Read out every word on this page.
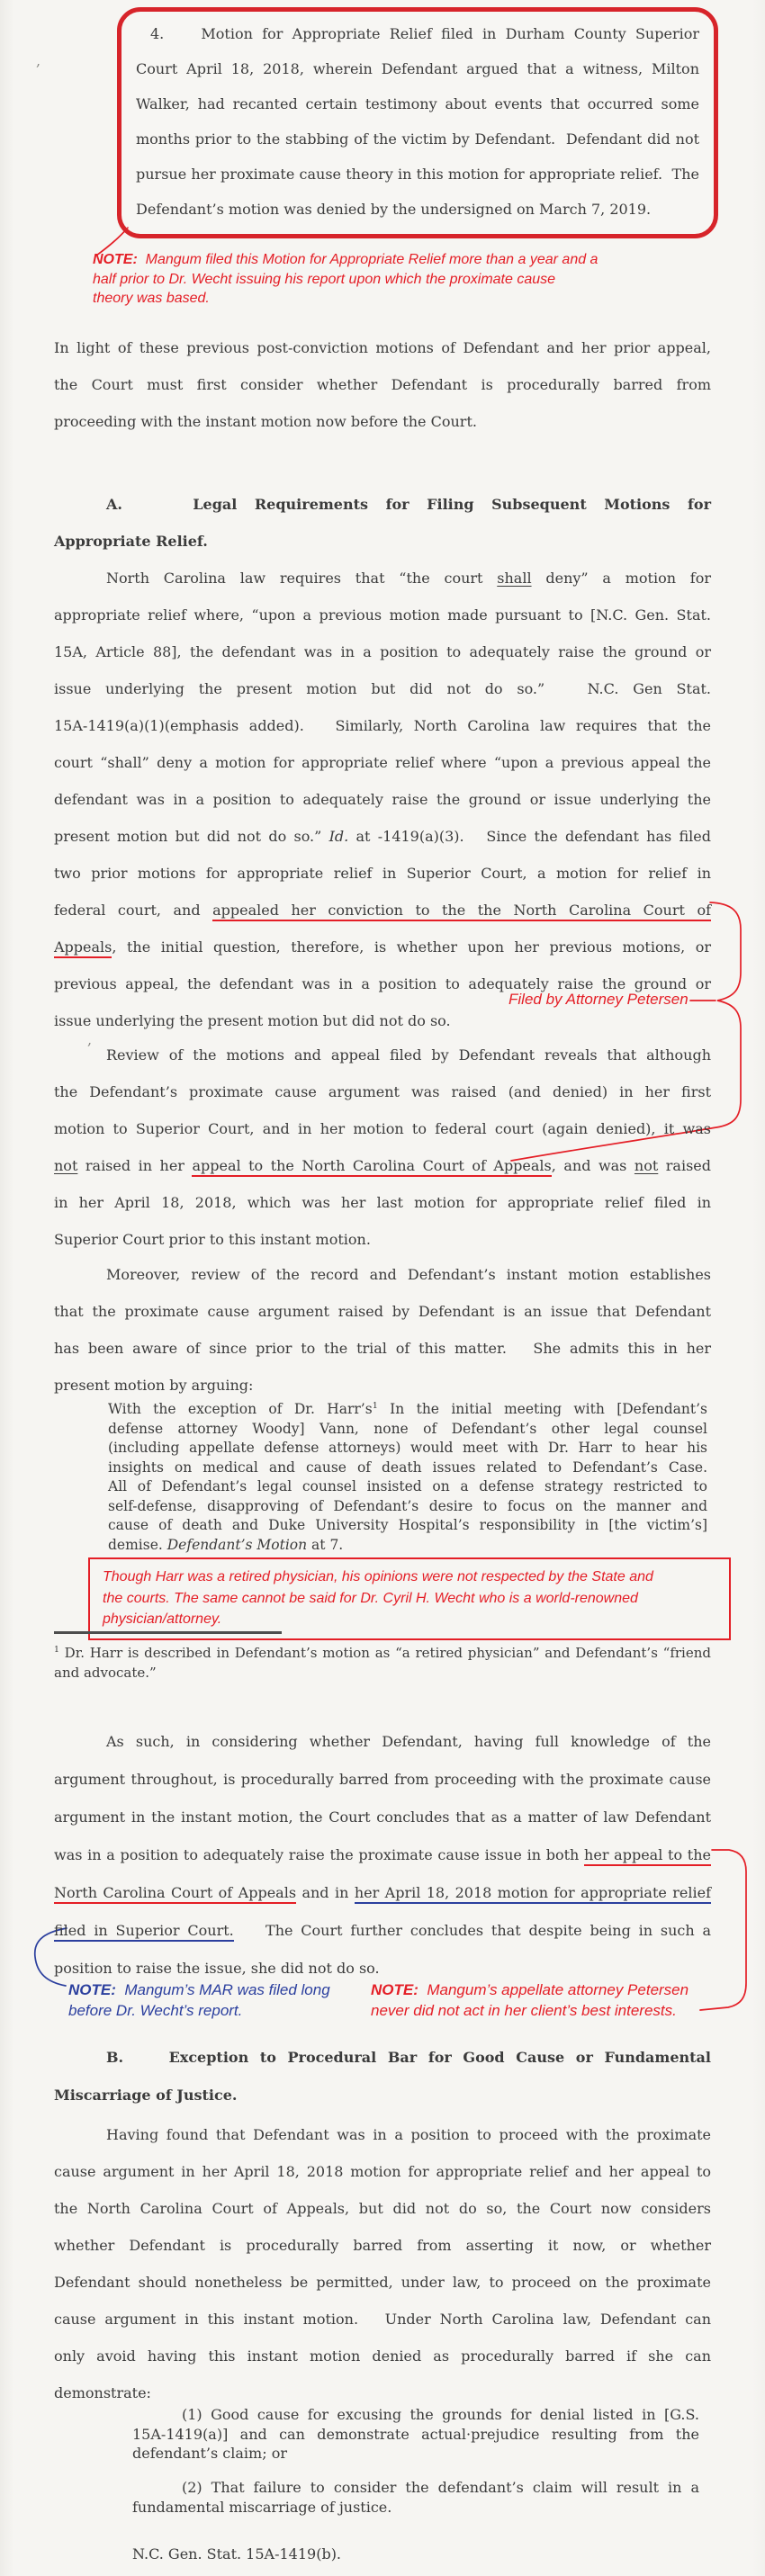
4.    Motion for Appropriate Relief filed in Durham County Superior
Court April 18, 2018, wherein Defendant argued that a witness, Milton
Walker, had recanted certain testimony about events that occurred some
months prior to the stabbing of the victim by Defendant.  Defendant did not
pursue her proximate cause theory in this motion for appropriate relief.  The
Defendant’s motion was denied by the undersigned on March 7, 2019.
,
NOTE:  Mangum filed this Motion for Appropriate Relief more than a year and a
half prior to Dr. Wecht issuing his report upon which the proximate cause
theory was based.
In light of these previous post-conviction motions of Defendant and her prior appeal,
the Court must first consider whether Defendant is procedurally barred from
proceeding with the instant motion now before the Court.
A.    Legal Requirements for Filing Subsequent Motions for
Appropriate Relief.
North Carolina law requires that “the court shall deny” a motion for
appropriate relief where, “upon a previous motion made pursuant to [N.C. Gen. Stat.
15A, Article 88], the defendant was in a position to adequately raise the ground or
issue underlying the present motion but did not do so.”   N.C. Gen Stat.
15A-1419(a)(1)(emphasis added).   Similarly, North Carolina law requires that the
court “shall” deny a motion for appropriate relief where “upon a previous appeal the
defendant was in a position to adequately raise the ground or issue underlying the
present motion but did not do so.” Id. at -1419(a)(3).   Since the defendant has filed
two prior motions for appropriate relief in Superior Court, a motion for relief in
federal court, and appealed her conviction to the the North Carolina Court of
Appeals, the initial question, therefore, is whether upon her previous motions, or
previous appeal, the defendant was in a position to adequately raise the ground or
issue underlying the present motion but did not do so.
Filed by Attorney Petersen
,
Review of the motions and appeal filed by Defendant reveals that although
the Defendant’s proximate cause argument was raised (and denied) in her first
motion to Superior Court, and in her motion to federal court (again denied), it was
not raised in her appeal to the North Carolina Court of Appeals, and was not raised
in her April 18, 2018, which was her last motion for appropriate relief filed in
Superior Court prior to this instant motion.
Moreover, review of the record and Defendant’s instant motion establishes
that the proximate cause argument raised by Defendant is an issue that Defendant
has been aware of since prior to the trial of this matter.   She admits this in her
present motion by arguing:
With the exception of Dr. $Harr’s^1$ In the initial meeting with [Defendant’s
defense attorney Woody] Vann, none of Defendant’s other legal counsel
(including appellate defense attorneys) would meet with Dr. Harr to hear his
insights on medical and cause of death issues related to Defendant’s Case.
All of Defendant’s legal counsel insisted on a defense strategy restricted to
self-defense, disapproving of Defendant’s desire to focus on the manner and
cause of death and Duke University Hospital’s responsibility in [the victim’s]
demise. Defendant’s Motion at 7.
Though Harr was a retired physician, his opinions were not respected by the State and
the courts. The same cannot be said for Dr. Cyril H. Wecht who is a world-renowned
physician/attorney.
$^1$ Dr. Harr is described in Defendant’s motion as “a retired physician” and Defendant’s “friend
and advocate.”
As such, in considering whether Defendant, having full knowledge of the
argument throughout, is procedurally barred from proceeding with the proximate cause
argument in the instant motion, the Court concludes that as a matter of law Defendant
was in a position to adequately raise the proximate cause issue in both her appeal to the
North Carolina Court of Appeals and in her April 18, 2018 motion for appropriate relief
filed in Superior Court.    The Court further concludes that despite being in such a
position to raise the issue, she did not do so.
NOTE:  Mangum’s MAR was filed long
before Dr. Wecht’s report.
NOTE:  Mangum’s appellate attorney Petersen
never did not act in her client’s best interests.
B.    Exception to Procedural Bar for Good Cause or Fundamental
Miscarriage of Justice.
Having found that Defendant was in a position to proceed with the proximate
cause argument in her April 18, 2018 motion for appropriate relief and her appeal to
the North Carolina Court of Appeals, but did not do so, the Court now considers
whether Defendant is procedurally barred from asserting it now, or whether
Defendant should nonetheless be permitted, under law, to proceed on the proximate
cause argument in this instant motion.   Under North Carolina law, Defendant can
only avoid having this instant motion denied as procedurally barred if she can
demonstrate:
(1) Good cause for excusing the grounds for denial listed in [G.S.
15A-1419(a)] and can demonstrate actual·prejudice resulting from the
defendant’s claim; or
(2) That failure to consider the defendant’s claim will result in a
fundamental miscarriage of justice.
N.C. Gen. Stat. 15A-1419(b).
